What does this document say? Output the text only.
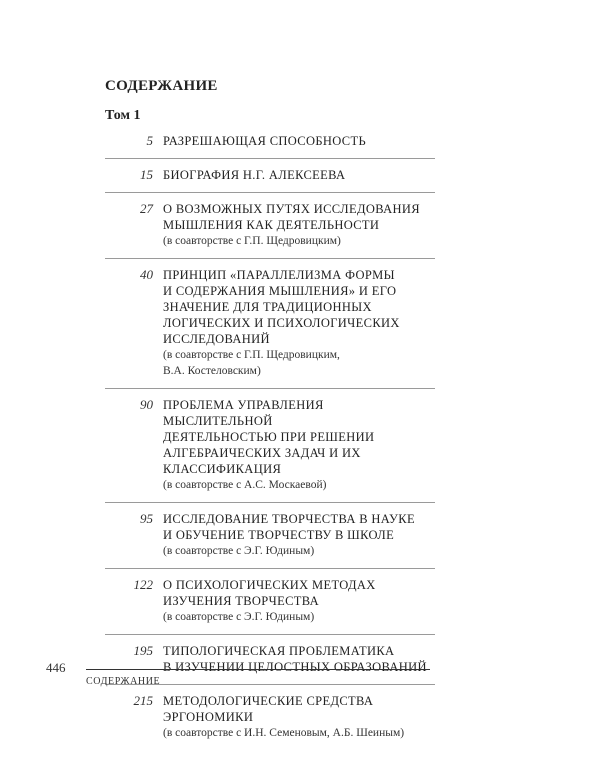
СОДЕРЖАНИЕ
Том 1
5 РАЗРЕШАЮЩАЯ СПОСОБНОСТЬ
15 БИОГРАФИЯ Н.Г. АЛЕКСЕЕВА
27 О ВОЗМОЖНЫХ ПУТЯХ ИССЛЕДОВАНИЯ
МЫШЛЕНИЯ КАК ДЕЯТЕЛЬНОСТИ
(в соавторстве с Г.П. Щедровицким)
40 ПРИНЦИП «ПАРАЛЛЕЛИЗМА ФОРМЫ
И СОДЕРЖАНИЯ МЫШЛЕНИЯ» И ЕГО
ЗНАЧЕНИЕ ДЛЯ ТРАДИЦИОННЫХ
ЛОГИЧЕСКИХ И ПСИХОЛОГИЧЕСКИХ
ИССЛЕДОВАНИЙ
(в соавторстве с Г.П. Щедровицким,
В.А. Костеловским)
90 ПРОБЛЕМА УПРАВЛЕНИЯ МЫСЛИТЕЛЬНОЙ
ДЕЯТЕЛЬНОСТЬЮ ПРИ РЕШЕНИИ
АЛГЕБРАИЧЕСКИХ ЗАДАЧ И ИХ
КЛАССИФИКАЦИЯ
(в соавторстве с А.С. Москаевой)
95 ИССЛЕДОВАНИЕ ТВОРЧЕСТВА В НАУКЕ
И ОБУЧЕНИЕ ТВОРЧЕСТВУ В ШКОЛЕ
(в соавторстве с Э.Г. Юдиным)
122 О ПСИХОЛОГИЧЕСКИХ МЕТОДАХ
ИЗУЧЕНИЯ ТВОРЧЕСТВА
(в соавторстве с Э.Г. Юдиным)
195 ТИПОЛОГИЧЕСКАЯ ПРОБЛЕМАТИКА
В ИЗУЧЕНИИ ЦЕЛОСТНЫХ ОБРАЗОВАНИЙ
215 МЕТОДОЛОГИЧЕСКИЕ СРЕДСТВА ЭРГОНОМИКИ
(в соавторстве с И.Н. Семеновым, А.Б. Шеиным)
446
СОДЕРЖАНИЕ
